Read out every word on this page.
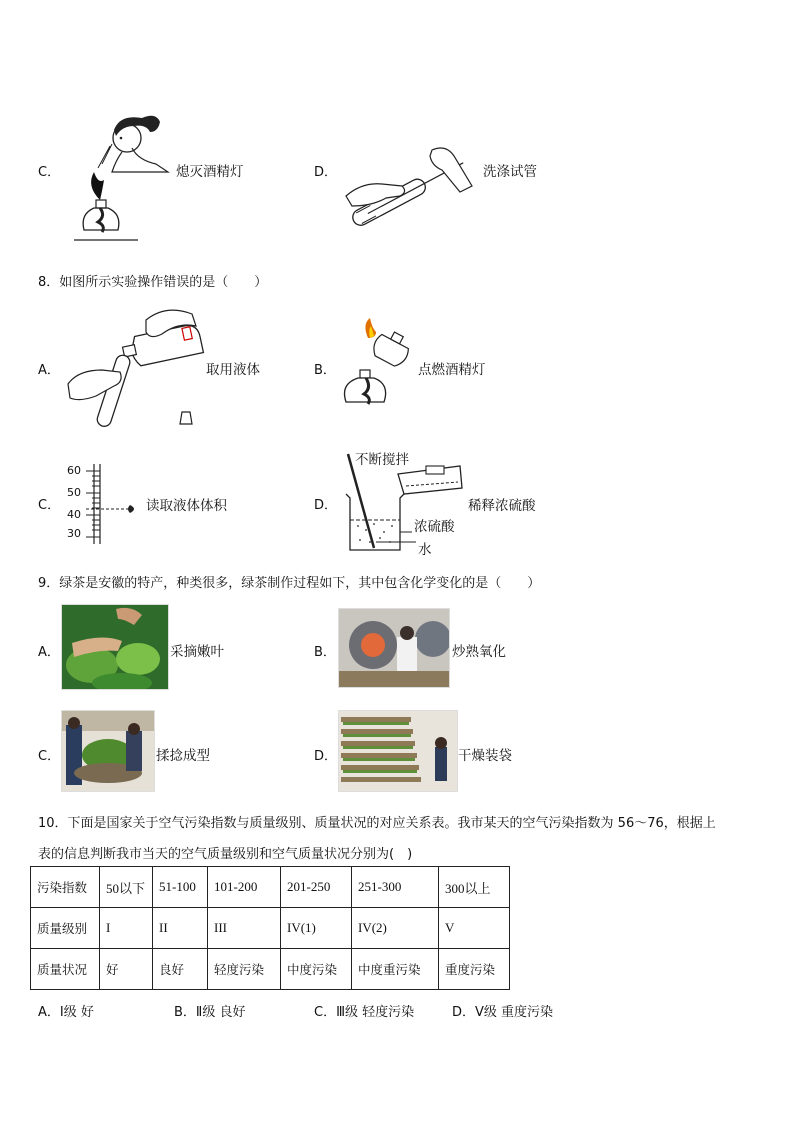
C．	熄灭酒精灯	D．	洗涤试管
8．如图所示实验操作错误的是（　　）
A．	取用液体	B．	点燃酒精灯
C．
60
50
40
30
读取液体体积	D．
不断搅拌
浓硫酸
水
稀释浓硫酸
9．绿茶是安徽的特产，种类很多，绿茶制作过程如下，其中包含化学变化的是（　　）
A．	采摘嫩叶	B．	炒熟氧化
C．	揉捻成型	D．	干燥装袋
10．下面是国家关于空气污染指数与质量级别、质量状况的对应关系表。我市某天的空气污染指数为 56～76，根据上
表的信息判断我市当天的空气质量级别和空气质量状况分别为(　)
污染指数	50以下	51-100	101-200	201-250	251-300	300以上
质量级别	I	II	III	IV(1)	IV(2)	V
质量状况	好	良好	轻度污染	中度污染	中度重污染	重度污染
A．Ⅰ级 好	B．Ⅱ级 良好	C．Ⅲ级 轻度污染	D．Ⅴ级 重度污染
